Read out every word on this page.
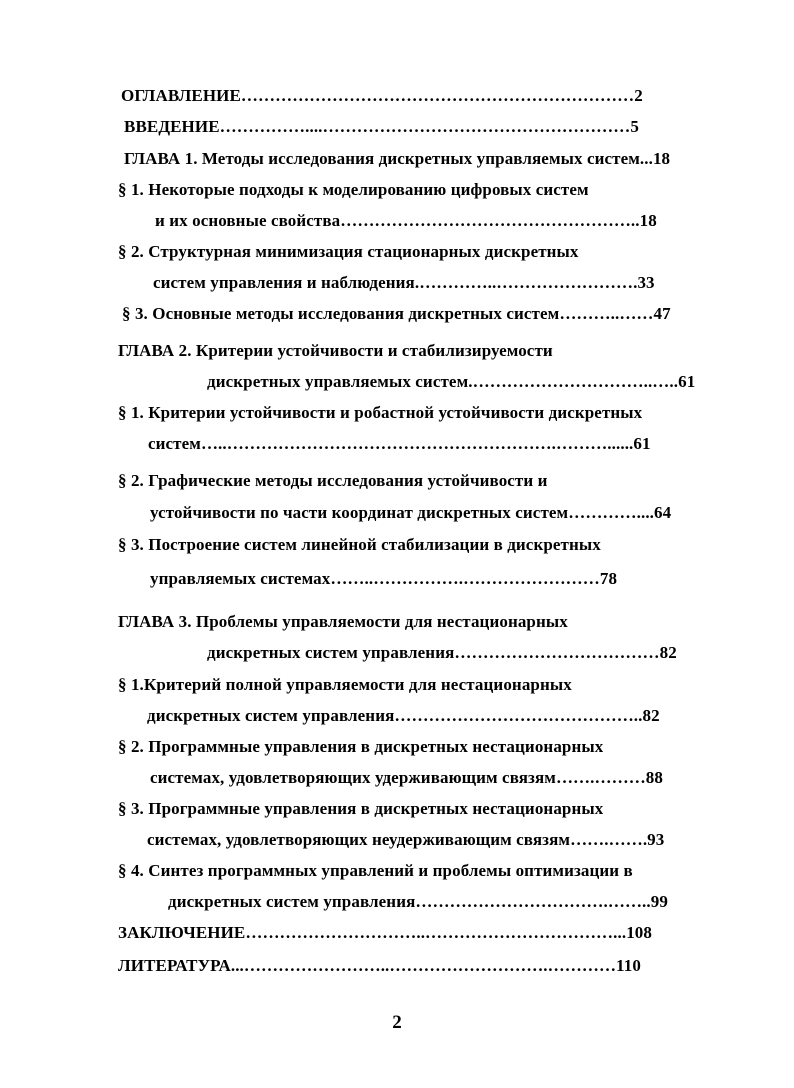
ОГЛАВЛЕНИЕ……………………………………………………………2
ВВЕДЕНИЕ……………....………………………………………………5
ГЛАВА 1. Методы исследования дискретных управляемых систем...18
§ 1. Некоторые подходы к моделированию цифровых систем
и их основные свойства……………………………………………..18
§ 2. Структурная минимизация стационарных дискретных
систем управления и наблюдения.…………..…………………….33
§ 3. Основные методы исследования дискретных систем………..……47
ГЛАВА 2. Критерии устойчивости и стабилизируемости
дискретных управляемых систем.…………………………..…..61
§ 1. Критерии устойчивости и робастной устойчивости дискретных
систем…..………………………………………………….………......61
§ 2. Графические методы исследования устойчивости и
устойчивости по части координат дискретных систем…………....64
§ 3. Построение систем линейной стабилизации в дискретных
управляемых системах……..…………….……………………78
ГЛАВА 3. Проблемы управляемости для нестационарных
дискретных систем управления………………………………82
§ 1.Критерий полной управляемости для нестационарных
дискретных систем управления……………………………………..82
§ 2. Программные управления в дискретных нестационарных
системах, удовлетворяющих удерживающим связям…….………88
§ 3. Программные управления в дискретных нестационарных
системах, удовлетворяющих неудерживающим связям…….…….93
§ 4. Синтез программных управлений и проблемы оптимизации в
дискретных систем управления…………………………….……..99
ЗАКЛЮЧЕНИЕ…………………………..……………………………...108
ЛИТЕРАТУРА...……………………..……………………….…………110
2
